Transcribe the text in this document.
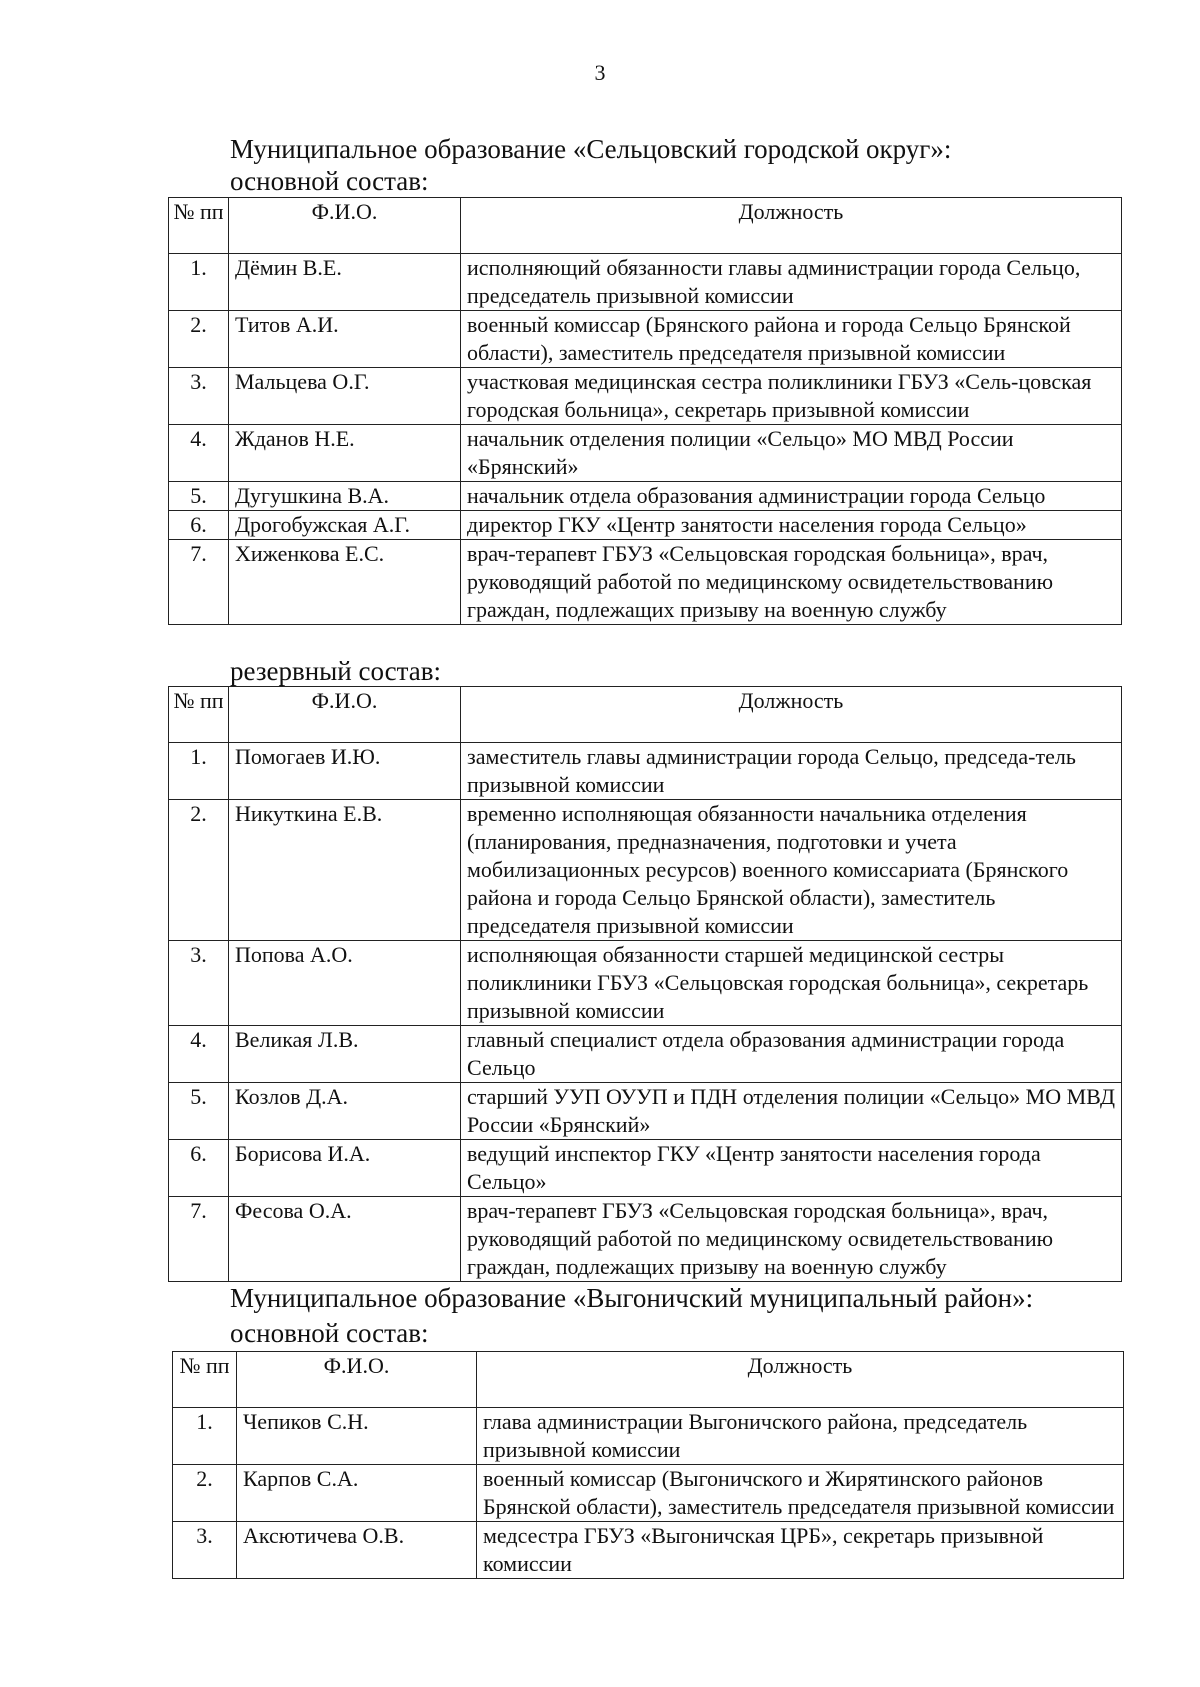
3
Муниципальное образование «Сельцовский городской округ»:
основной состав:
№ пп	Ф.И.О.	Должность
1.	Дёмин В.Е.	исполняющий обязанности главы администрации города Сельцо, председатель призывной комиссии
2.	Титов А.И.	военный комиссар (Брянского района и города Сельцо Брянской области), заместитель председателя призывной комиссии
3.	Мальцева О.Г.	участковая медицинская сестра поликлиники ГБУЗ «Сель-цовская городская больница», секретарь призывной комиссии
4.	Жданов Н.Е.	начальник отделения полиции «Сельцо» МО МВД России «Брянский»
5.	Дугушкина В.А.	начальник отдела образования администрации города Сельцо
6.	Дрогобужская А.Г.	директор ГКУ «Центр занятости населения города Сельцо»
7.	Хиженкова Е.С.	врач-терапевт ГБУЗ «Сельцовская городская больница», врач, руководящий работой по медицинскому освидетельствованию граждан, подлежащих призыву на военную службу
резервный состав:
№ пп	Ф.И.О.	Должность
1.	Помогаев И.Ю.	заместитель главы администрации города Сельцо, председа-тель призывной комиссии
2.	Никуткина Е.В.	временно исполняющая обязанности начальника отделения (планирования, предназначения, подготовки и учета мобилизационных ресурсов) военного комиссариата (Брянского района и города Сельцо Брянской области), заместитель председателя призывной комиссии
3.	Попова А.О.	исполняющая обязанности старшей медицинской сестры поликлиники ГБУЗ «Сельцовская городская больница», секретарь призывной комиссии
4.	Великая Л.В.	главный специалист отдела образования администрации города Сельцо
5.	Козлов Д.А.	старший УУП ОУУП и ПДН отделения полиции «Сельцо» МО МВД России «Брянский»
6.	Борисова И.А.	ведущий инспектор ГКУ «Центр занятости населения города Сельцо»
7.	Фесова О.А.	врач-терапевт ГБУЗ «Сельцовская городская больница», врач, руководящий работой по медицинскому освидетельствованию граждан, подлежащих призыву на военную службу
Муниципальное образование «Выгоничский муниципальный район»:
основной состав:
№ пп	Ф.И.О.	Должность
1.	Чепиков С.Н.	глава администрации Выгоничского района, председатель призывной комиссии
2.	Карпов С.А.	военный комиссар (Выгоничского и Жирятинского районов Брянской области), заместитель председателя призывной комиссии
3.	Аксютичева О.В.	медсестра ГБУЗ «Выгоничская ЦРБ», секретарь призывной комиссии
